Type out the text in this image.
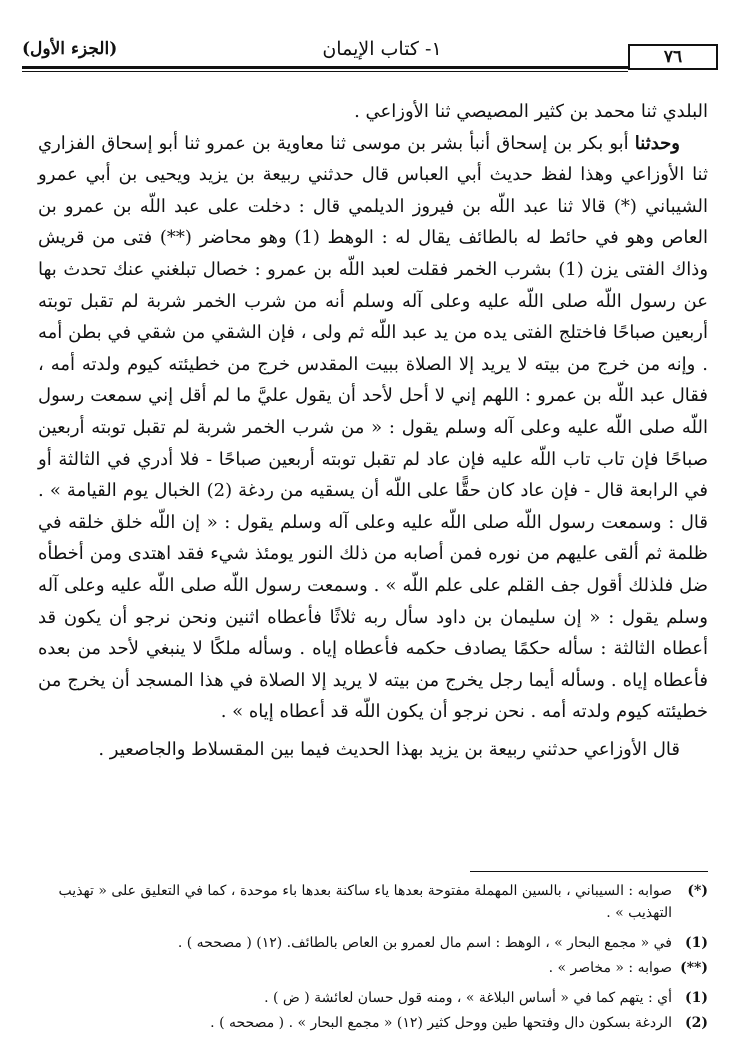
٧٦
١- كتاب الإيمان
(الجزء الأول)

البلدي ثنا محمد بن كثير المصيصي ثنا الأوزاعي .

وحدثنا أبو بكر بن إسحاق أنبأ بشر بن موسى ثنا معاوية بن عمرو ثنا أبو إسحاق الفزاري ثنا الأوزاعي وهذا لفظ حديث أبي العباس قال حدثني ربيعة بن يزيد ويحيى بن أبي عمرو الشيباني (*) قالا ثنا عبد اللّه بن فيروز الديلمي قال : دخلت على عبد اللّه بن عمرو بن العاص وهو في حائط له بالطائف يقال له : الوهط (1) وهو محاضر (**) فتى من قريش وذاك الفتى يزن (1) بشرب الخمر فقلت لعبد اللّه بن عمرو : خصال تبلغني عنك تحدث بها عن رسول اللّه صلى اللّه عليه وعلى آله وسلم أنه من شرب الخمر شربة لم تقبل توبته أربعين صباحًا فاختلج الفتى يده من يد عبد اللّه ثم ولى ، فإن الشقي من شقي في بطن أمه . وإنه من خرج من بيته لا يريد إلا الصلاة ببيت المقدس خرج من خطيئته كيوم ولدته أمه ، فقال عبد اللّه بن عمرو : اللهم إني لا أحل لأحد أن يقول عليَّ ما لم أقل إني سمعت رسول اللّه صلى اللّه عليه وعلى آله وسلم يقول : « من شرب الخمر شربة لم تقبل توبته أربعين صباحًا فإن تاب تاب اللّه عليه فإن عاد لم تقبل توبته أربعين صباحًا - فلا أدري في الثالثة أو في الرابعة قال - فإن عاد كان حقًّا على اللّه أن يسقيه من ردغة (2) الخبال يوم القيامة » . قال : وسمعت رسول اللّه صلى اللّه عليه وعلى آله وسلم يقول : « إن اللّه خلق خلقه في ظلمة ثم ألقى عليهم من نوره فمن أصابه من ذلك النور يومئذ شيء فقد اهتدى ومن أخطأه ضل فلذلك أقول جف القلم على علم اللّه » . وسمعت رسول اللّه صلى اللّه عليه وعلى آله وسلم يقول : « إن سليمان بن داود سأل ربه ثلاثًا فأعطاه اثنين ونحن نرجو أن يكون قد أعطاه الثالثة : سأله حكمًا يصادف حكمه فأعطاه إياه . وسأله ملكًا لا ينبغي لأحد من بعده فأعطاه إياه . وسأله أيما رجل يخرج من بيته لا يريد إلا الصلاة في هذا المسجد أن يخرج من خطيئته كيوم ولدته أمه . نحن نرجو أن يكون اللّه قد أعطاه إياه » .

قال الأوزاعي حدثني ربيعة بن يزيد بهذا الحديث فيما بين المقسلاط والجاصعير .

(*)
صوابه : السيباني ، بالسين المهملة مفتوحة بعدها ياء ساكنة بعدها باء موحدة ، كما في التعليق على « تهذيب التهذيب » .
(1)
في « مجمع البحار » ، الوهط : اسم مال لعمرو بن العاص بالطائف. (١٢) ( مصححه ) .
(**)
صوابه : « مخاصر » .
(1)
أي : يتهم كما في « أساس البلاغة » ، ومنه قول حسان لعائشة ( ض ) .
(2)
الردغة بسكون دال وفتحها طين ووحل كثير (١٢) « مجمع البحار » . ( مصححه ) .
